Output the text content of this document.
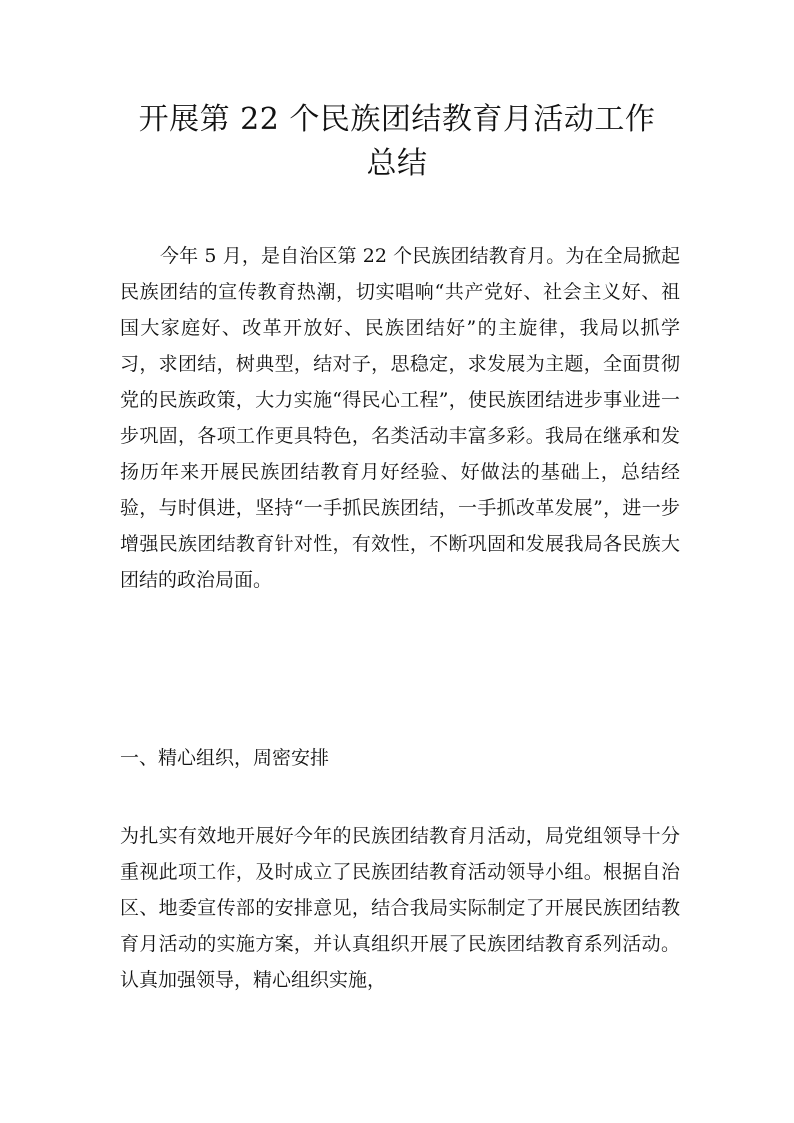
开展第 22 个民族团结教育月活动工作
总结

今年 5 月，是自治区第 22 个民族团结教育月。为在全局掀起民族团结的宣传教育热潮，切实唱响“共产党好、社会主义好、祖国大家庭好、改革开放好、民族团结好”的主旋律，我局以抓学习，求团结，树典型，结对子，思稳定，求发展为主题，全面贯彻党的民族政策，大力实施“得民心工程”，使民族团结进步事业进一步巩固，各项工作更具特色，名类活动丰富多彩。我局在继承和发扬历年来开展民族团结教育月好经验、好做法的基础上，总结经验，与时俱进，坚持“一手抓民族团结，一手抓改革发展”，进一步增强民族团结教育针对性，有效性，不断巩固和发展我局各民族大团结的政治局面。

一、精心组织，周密安排

为扎实有效地开展好今年的民族团结教育月活动，局党组领导十分重视此项工作，及时成立了民族团结教育活动领导小组。根据自治区、地委宣传部的安排意见，结合我局实际制定了开展民族团结教育月活动的实施方案，并认真组织开展了民族团结教育系列活动。认真加强领导，精心组织实施，
